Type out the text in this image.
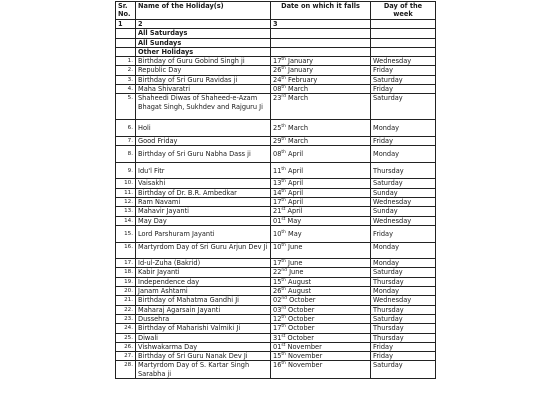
Sr. No.	Name of the Holiday(s)	Date on which it falls	Day of the week
1	2	3	
	All Saturdays		
	All Sundays		
	Other Holidays		
1.	Birthday of Guru Gobind Singh ji	17th January	Wednesday
2.	Republic Day	26th January	Friday
3.	Birthday of Sri Guru Ravidas ji	24th February	Saturday
4.	Maha Shivaratri	08th March	Friday
5.	Shaheedi Diwas of Shaheed-e-Azam Bhagat Singh, Sukhdev and Rajguru Ji	23rd March	Saturday
6.	Holi	25th March	Monday
7.	Good Friday	29th March	Friday
8.	Birthday of Sri Guru Nabha Dass ji	08th April	Monday
9.	Idu'l Fitr	11th April	Thursday
10.	Vaisakhi	13th April	Saturday
11.	Birthday of Dr. B.R. Ambedkar	14th April	Sunday
12.	Ram Navami	17th April	Wednesday
13.	Mahavir Jayanti	21st April	Sunday
14.	May Day	01st May	Wednesday
15.	Lord Parshuram Jayanti	10th May	Friday
16.	Martyrdom Day of Sri Guru Arjun Dev Ji	10th June	Monday
17.	Id-ul-Zuha (Bakrid)	17th June	Monday
18.	Kabir Jayanti	22nd June	Saturday
19.	Independence day	15th August	Thursday
20.	Janam Ashtami	26th August	Monday
21.	Birthday of Mahatma Gandhi Ji	02nd October	Wednesday
22.	Maharaj Agarsain Jayanti	03rd October	Thursday
23.	Dussehra	12th October	Saturday
24.	Birthday of Maharishi Valmiki Ji	17th October	Thursday
25.	Diwali	31st October	Thursday
26.	Vishwakarma Day	01st November	Friday
27.	Birthday of Sri Guru Nanak Dev Ji	15th November	Friday
28.	Martyrdom Day of S. Kartar Singh Sarabha ji	16th November	Saturday
